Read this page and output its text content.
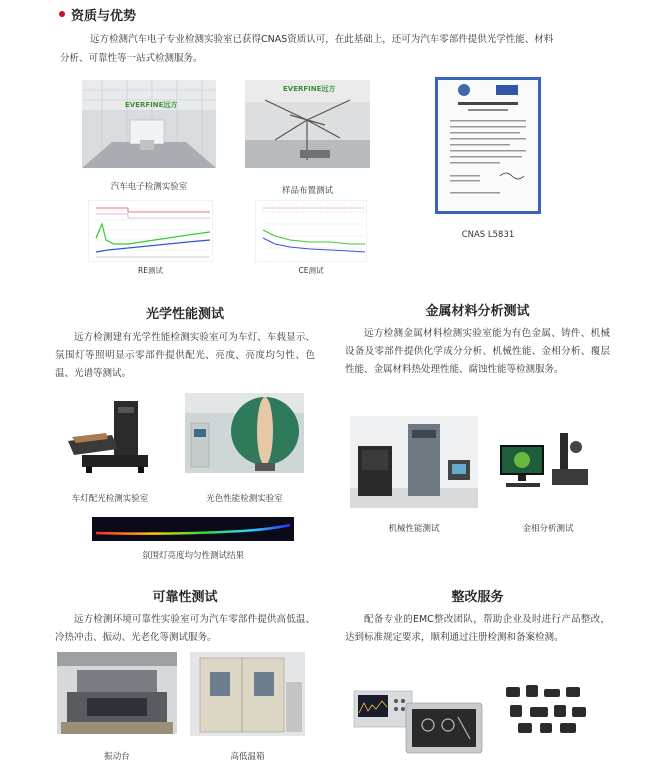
资质与优势
远方检测汽车电子专业检测实验室已获得CNAS资质认可，在此基础上，还可为汽车零部件提供光学性能、材料
分析、可靠性等一站式检测服务。
EVERFINE远方
汽车电子检测实验室
EVERFINE远方
样品布置测试
RE测试	CE测试
CNAS L5831
光学性能测试
远方检测建有光学性能检测实验室可为车灯、车载显示、氛围灯等照明显示零部件提供配光、亮度、亮度均匀性、色温、光谱等测试。
车灯配光检测实验室	光色性能检测实验室
氛围灯亮度均匀性测试结果
金属材料分析测试
远方检测金属材料检测实验室能为有色金属、铸件、机械设备及零部件提供化学成分分析、机械性能、金相分析、覆层性能、金属材料热处理性能、腐蚀性能等检测服务。
机械性能测试	金相分析测试
可靠性测试
远方检测环境可靠性实验室可为汽车零部件提供高低温、冷热冲击、振动、光老化等测试服务。
振动台	高低温箱
整改服务
配备专业的EMC整改团队，帮助企业及时进行产品整改，达到标准规定要求，顺利通过注册检测和备案检测。
